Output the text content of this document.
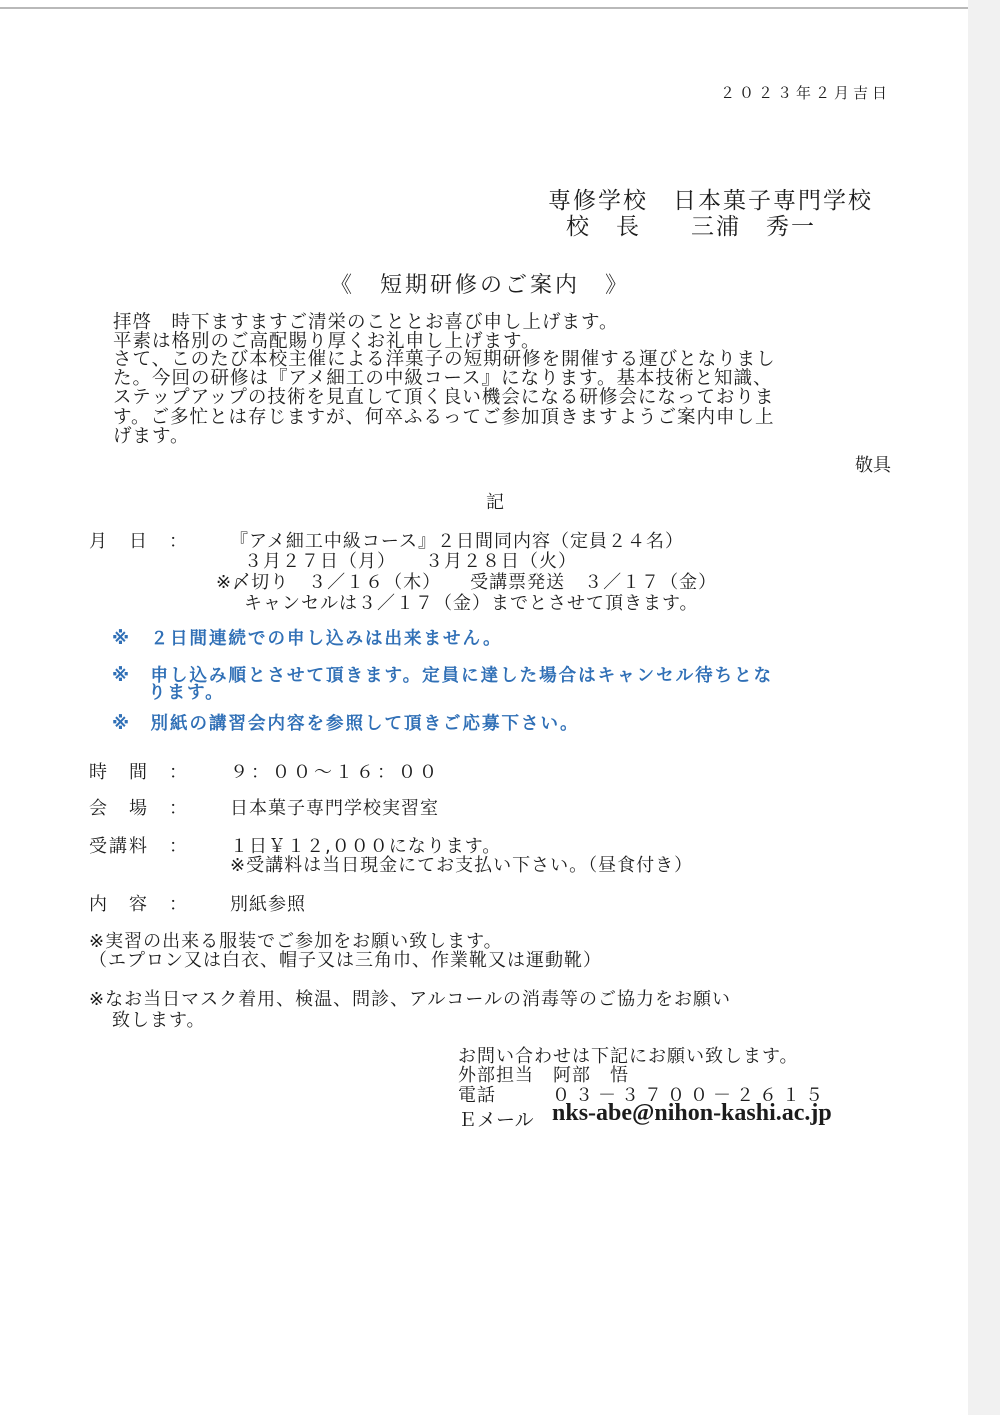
２０２３年２月吉日
専修学校　日本菓子専門学校
校　長　　三浦　秀一
《　短期研修のご案内　》
拝啓　時下ますますご清栄のこととお喜び申し上げます。
平素は格別のご高配賜り厚くお礼申し上げます。
さて、このたび本校主催による洋菓子の短期研修を開催する運びとなりまし
た。今回の研修は『アメ細工の中級コース』になります。基本技術と知識、
ステップアップの技術を見直して頂く良い機会になる研修会になっておりま
す。ご多忙とは存じますが、何卒ふるってご参加頂きますようご案内申し上
げます。
敬具
記
月　日　： 『アメ細工中級コース』２日間同内容（定員２４名）
３月２７日（月）　　３月２８日（火）
※〆切り　３／１６（木）　　受講票発送　３／１７（金）
キャンセルは３／１７（金）までとさせて頂きます。
※　２日間連続での申し込みは出来ません。
※　申し込み順とさせて頂きます。定員に達した場合はキャンセル待ちとな
ります。
※　別紙の講習会内容を参照して頂きご応募下さい。
時　間　： ９：００～１６：００
会　場　： 日本菓子専門学校実習室
受講料　： １日￥１２,０００になります。
※受講料は当日現金にてお支払い下さい。（昼食付き）
内　容　： 別紙参照
※実習の出来る服装でご参加をお願い致します。
（エプロン又は白衣、帽子又は三角巾、作業靴又は運動靴）
※なお当日マスク着用、検温、問診、アルコールの消毒等のご協力をお願い
致します。
お問い合わせは下記にお願い致します。
外部担当　阿部　悟
電話	０３－３７００－２６１５
Ｅメール nks-abe@nihon-kashi.ac.jp
